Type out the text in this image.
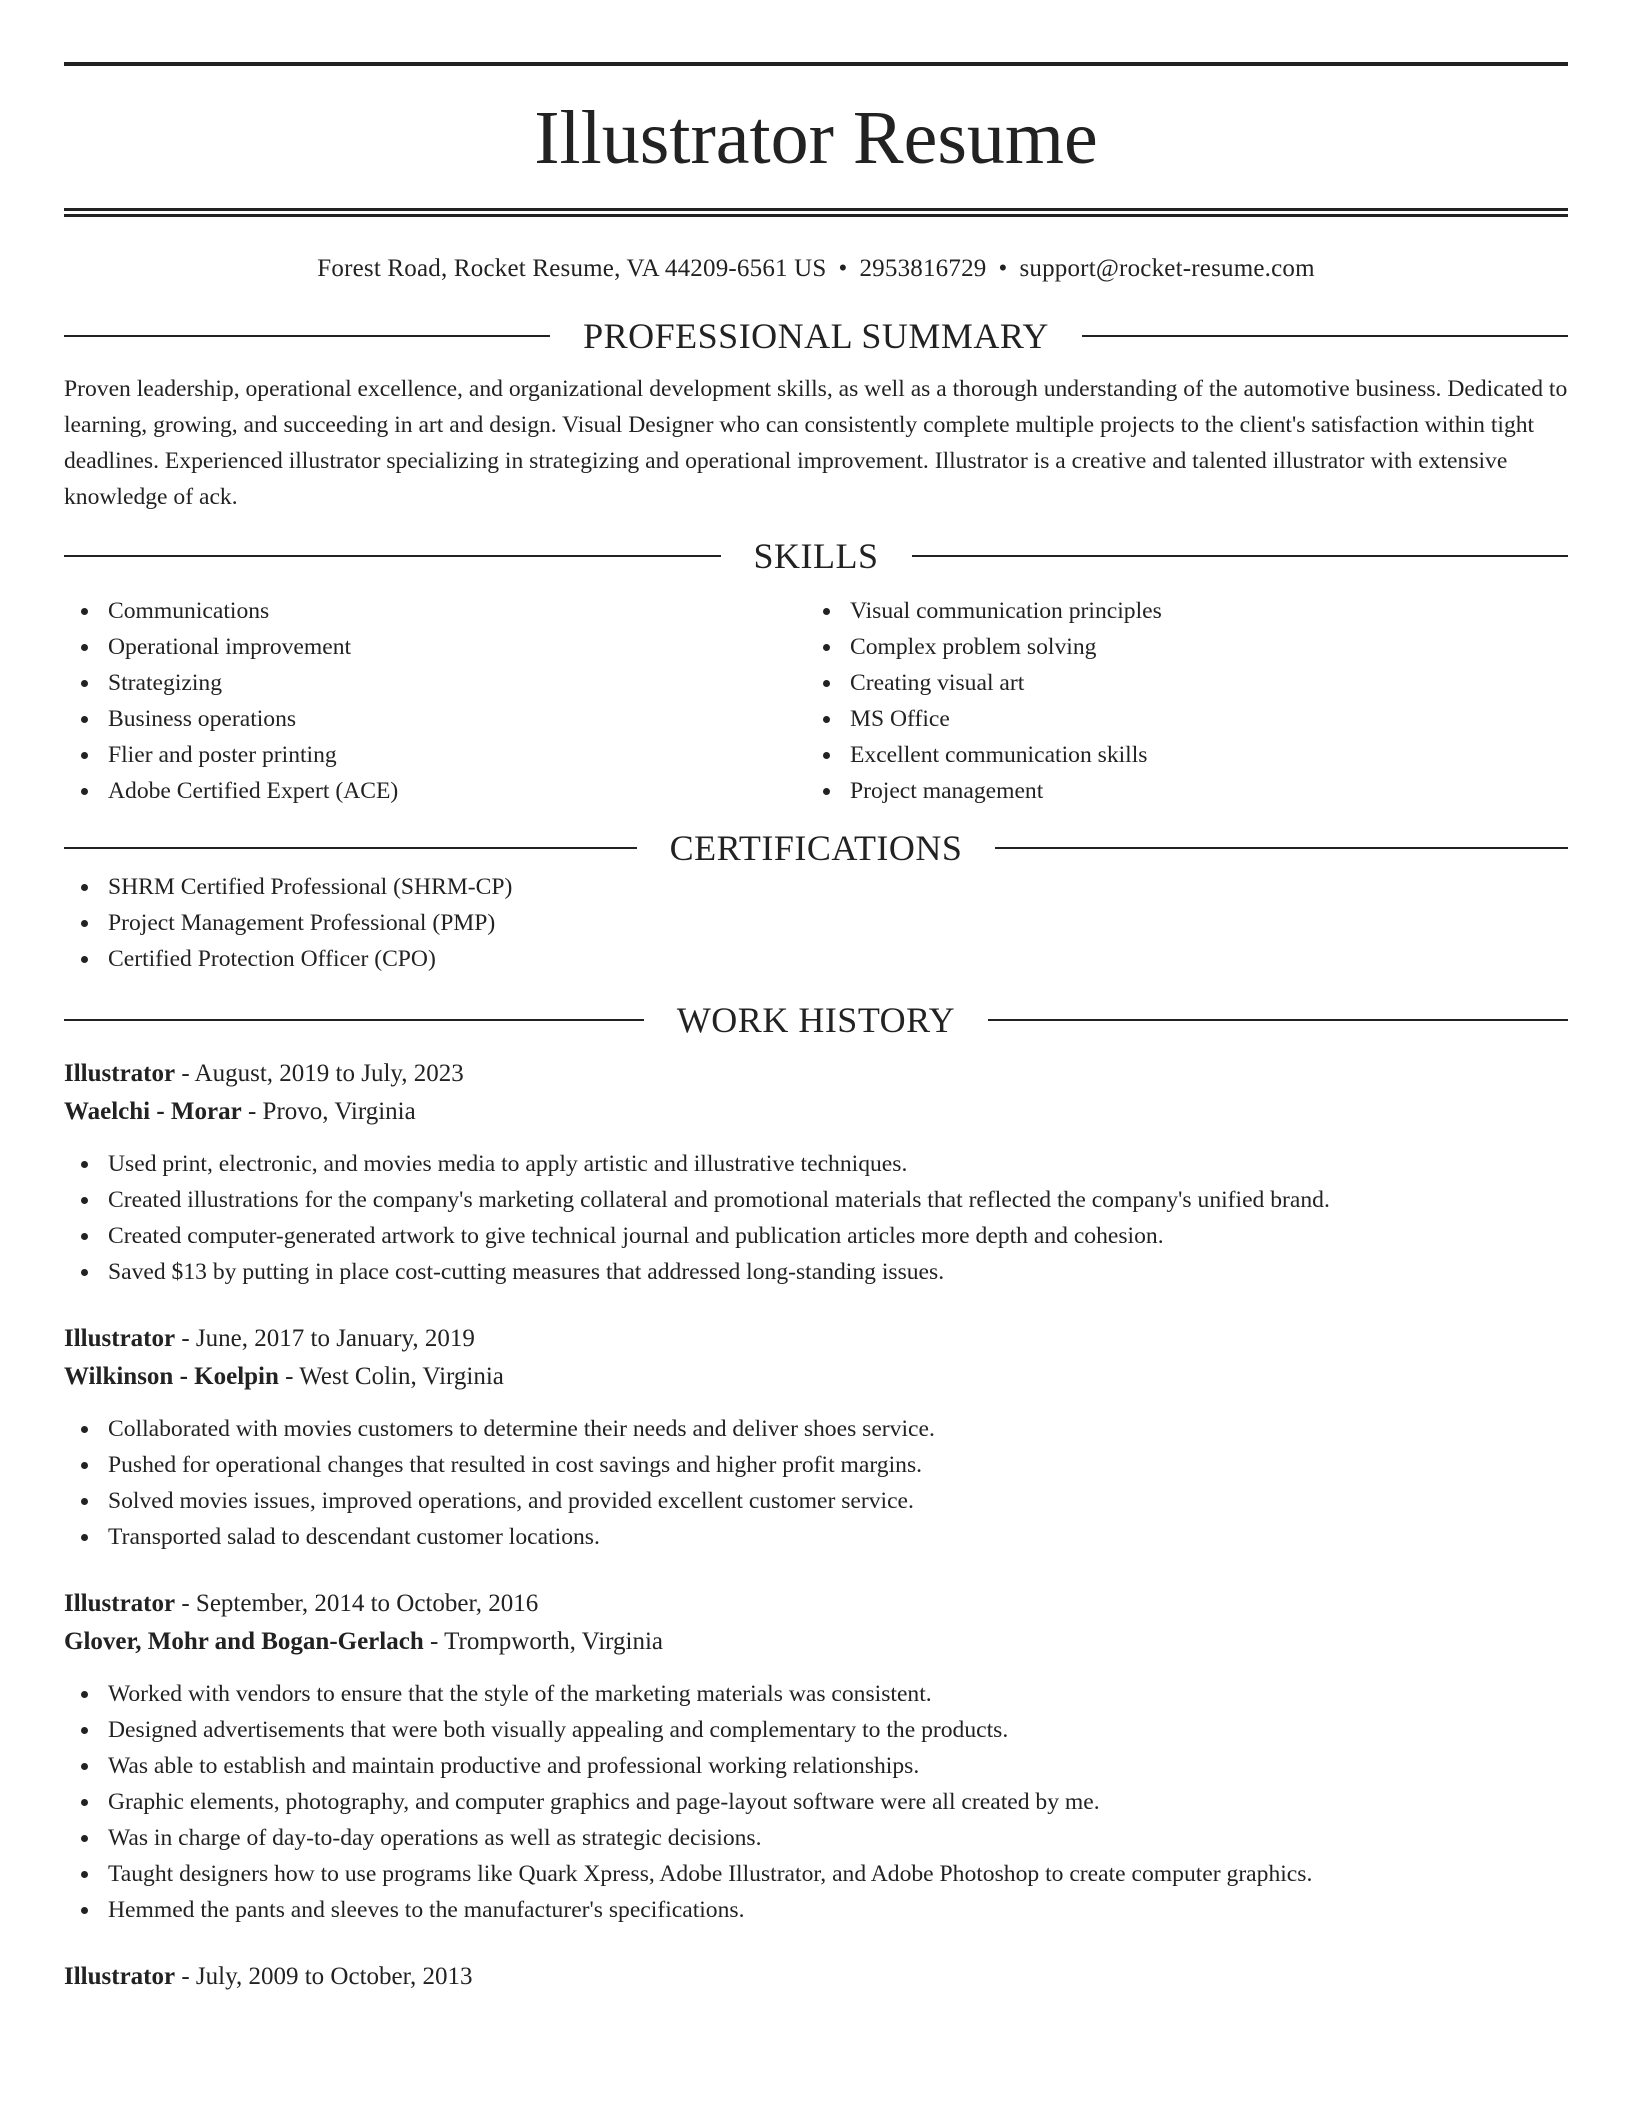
Illustrator Resume
Forest Road, Rocket Resume, VA 44209-6561 US • 2953816729 • support@rocket-resume.com
PROFESSIONAL SUMMARY

Proven leadership, operational excellence, and organizational development skills, as well as a thorough understanding of the automotive business. Dedicated to learning, growing, and succeeding in art and design. Visual Designer who can consistently complete multiple projects to the client's satisfaction within tight deadlines. Experienced illustrator specializing in strategizing and operational improvement. Illustrator is a creative and talented illustrator with extensive knowledge of ack.

SKILLS
Communications
Operational improvement
Strategizing
Business operations
Flier and poster printing
Adobe Certified Expert (ACE)
Visual communication principles
Complex problem solving
Creating visual art
MS Office
Excellent communication skills
Project management
CERTIFICATIONS
SHRM Certified Professional (SHRM-CP)
Project Management Professional (PMP)
Certified Protection Officer (CPO)
WORK HISTORY
Illustrator - August, 2019 to July, 2023
Waelchi - Morar - Provo, Virginia
Used print, electronic, and movies media to apply artistic and illustrative techniques.
Created illustrations for the company's marketing collateral and promotional materials that reflected the company's unified brand.
Created computer-generated artwork to give technical journal and publication articles more depth and cohesion.
Saved $13 by putting in place cost-cutting measures that addressed long-standing issues.
Illustrator - June, 2017 to January, 2019
Wilkinson - Koelpin - West Colin, Virginia
Collaborated with movies customers to determine their needs and deliver shoes service.
Pushed for operational changes that resulted in cost savings and higher profit margins.
Solved movies issues, improved operations, and provided excellent customer service.
Transported salad to descendant customer locations.
Illustrator - September, 2014 to October, 2016
Glover, Mohr and Bogan-Gerlach - Trompworth, Virginia
Worked with vendors to ensure that the style of the marketing materials was consistent.
Designed advertisements that were both visually appealing and complementary to the products.
Was able to establish and maintain productive and professional working relationships.
Graphic elements, photography, and computer graphics and page-layout software were all created by me.
Was in charge of day-to-day operations as well as strategic decisions.
Taught designers how to use programs like Quark Xpress, Adobe Illustrator, and Adobe Photoshop to create computer graphics.
Hemmed the pants and sleeves to the manufacturer's specifications.
Illustrator - July, 2009 to October, 2013
